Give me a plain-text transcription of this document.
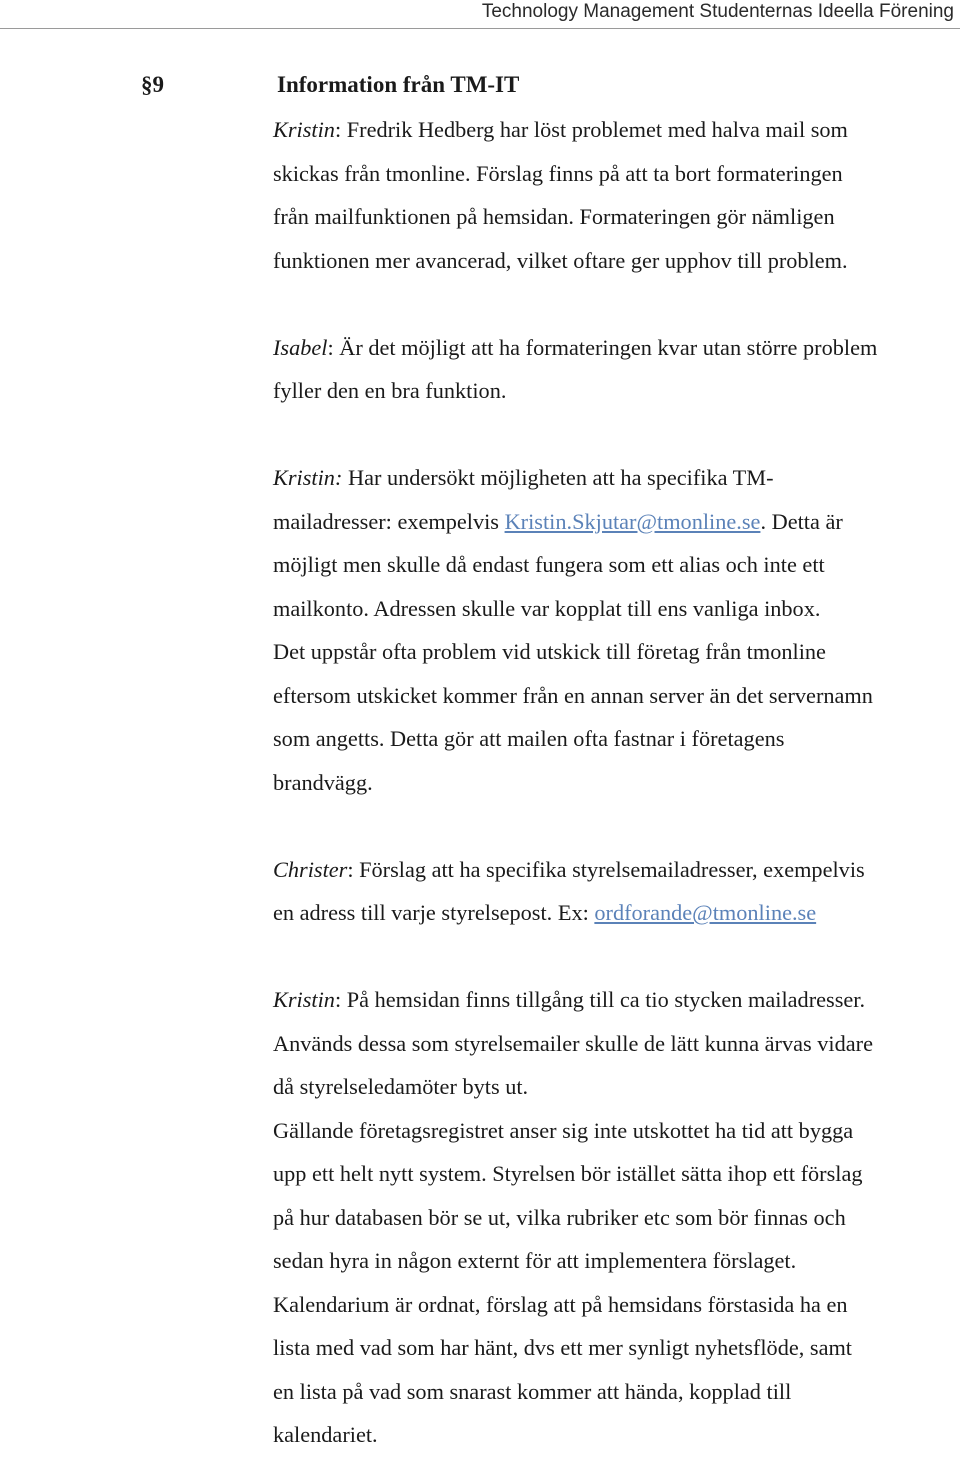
Technology Management Studenternas Ideella Förening
§9	Information från TM-IT

Kristin: Fredrik Hedberg har löst problemet med halva mail som

skickas från tmonline. Förslag finns på att ta bort formateringen

från mailfunktionen på hemsidan. Formateringen gör nämligen

funktionen mer avancerad, vilket oftare ger upphov till problem.

Isabel: Är det möjligt att ha formateringen kvar utan större problem

fyller den en bra funktion.

Kristin: Har undersökt möjligheten att ha specifika TM-

mailadresser: exempelvis Kristin.Skjutar@tmonline.se. Detta är

möjligt men skulle då endast fungera som ett alias och inte ett

mailkonto. Adressen skulle var kopplat till ens vanliga inbox.

Det uppstår ofta problem vid utskick till företag från tmonline

eftersom utskicket kommer från en annan server än det servernamn

som angetts. Detta gör att mailen ofta fastnar i företagens

brandvägg.

Christer: Förslag att ha specifika styrelsemailadresser, exempelvis

en adress till varje styrelsepost. Ex: ordforande@tmonline.se

Kristin: På hemsidan finns tillgång till ca tio stycken mailadresser.

Används dessa som styrelsemailer skulle de lätt kunna ärvas vidare

då styrelseledamöter byts ut.

Gällande företagsregistret anser sig inte utskottet ha tid att bygga

upp ett helt nytt system. Styrelsen bör istället sätta ihop ett förslag

på hur databasen bör se ut, vilka rubriker etc som bör finnas och

sedan hyra in någon externt för att implementera förslaget.

Kalendarium är ordnat, förslag att på hemsidans förstasida ha en

lista med vad som har hänt, dvs ett mer synligt nyhetsflöde, samt

en lista på vad som snarast kommer att hända, kopplad till

kalendariet.
